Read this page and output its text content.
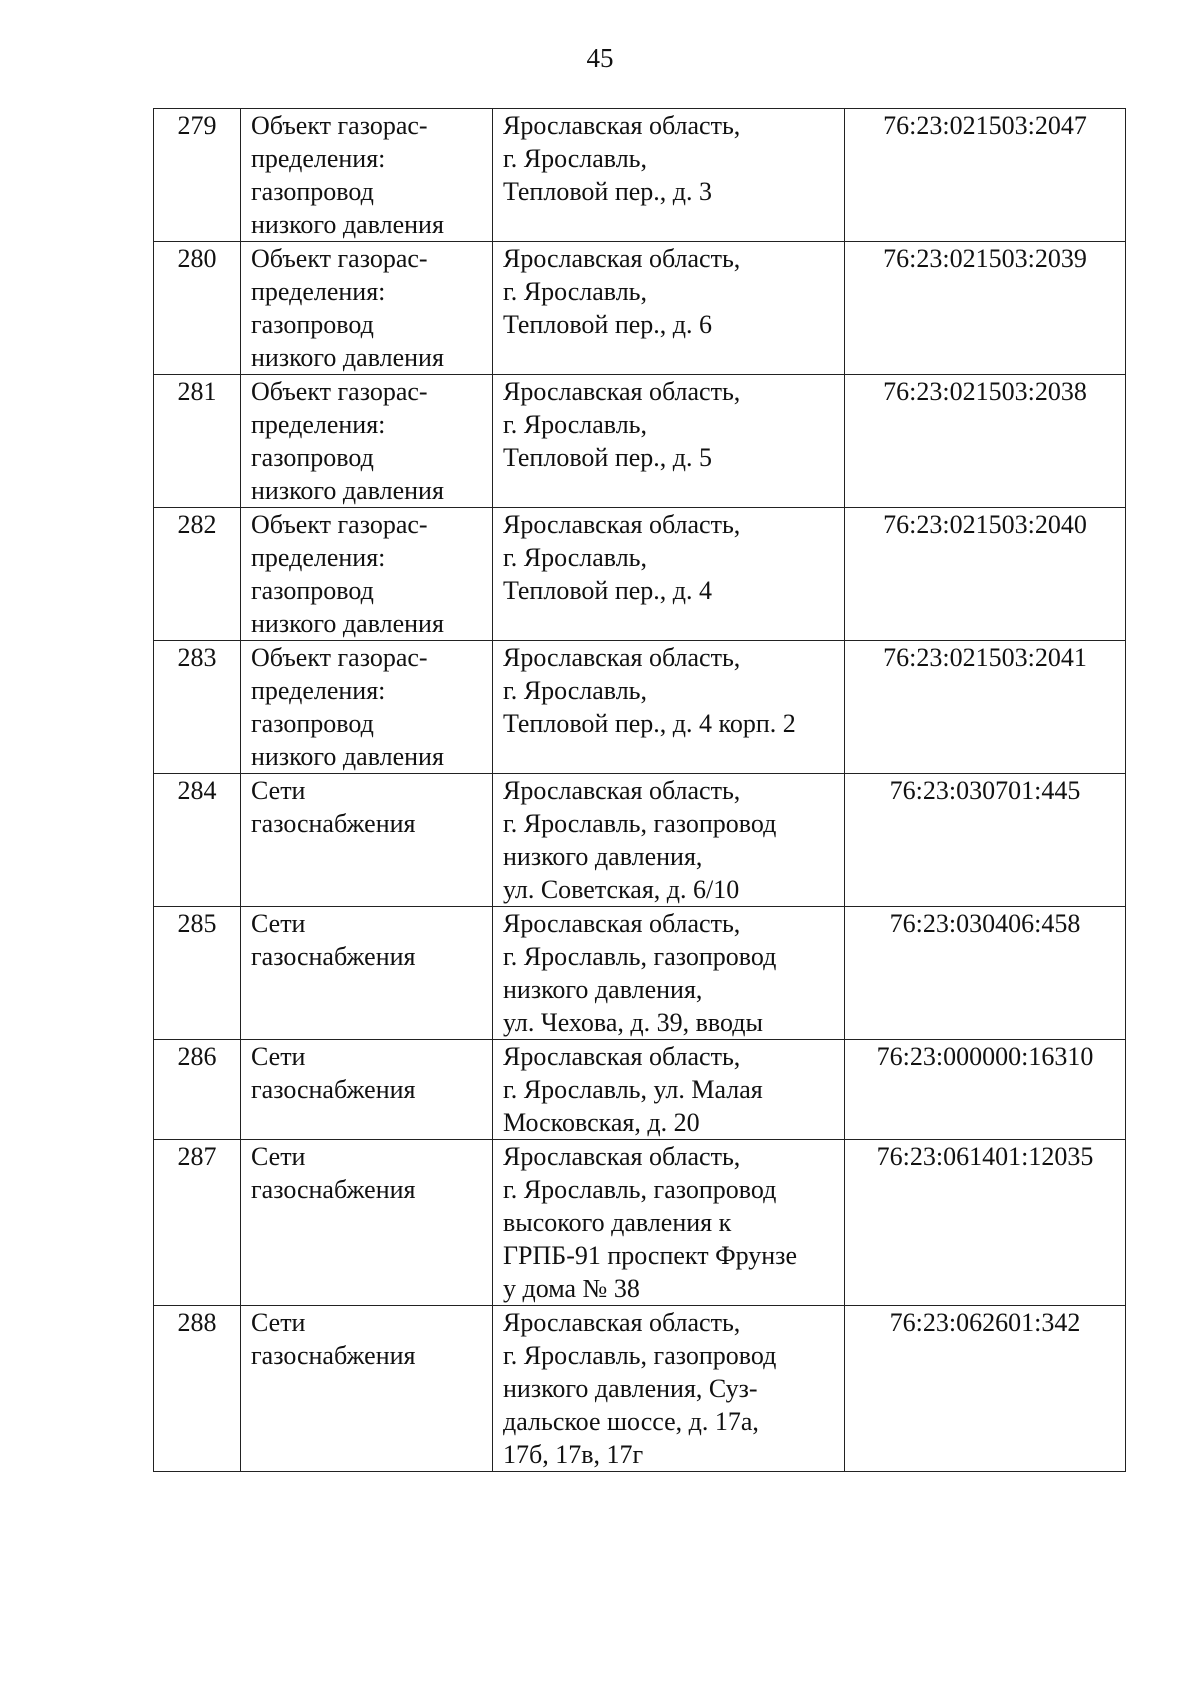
45
279	Объект газорас-
пределения:
газопровод
низкого давления	Ярославская область,
г. Ярославль,
Тепловой пер., д. 3	76:23:021503:2047
280	Объект газорас-
пределения:
газопровод
низкого давления	Ярославская область,
г. Ярославль,
Тепловой пер., д. 6	76:23:021503:2039
281	Объект газорас-
пределения:
газопровод
низкого давления	Ярославская область,
г. Ярославль,
Тепловой пер., д. 5	76:23:021503:2038
282	Объект газорас-
пределения:
газопровод
низкого давления	Ярославская область,
г. Ярославль,
Тепловой пер., д. 4	76:23:021503:2040
283	Объект газорас-
пределения:
газопровод
низкого давления	Ярославская область,
г. Ярославль,
Тепловой пер., д. 4 корп. 2	76:23:021503:2041
284	Сети
газоснабжения	Ярославская область,
г. Ярославль, газопровод
низкого давления,
ул. Советская, д. 6/10	76:23:030701:445
285	Сети
газоснабжения	Ярославская область,
г. Ярославль, газопровод
низкого давления,
ул. Чехова, д. 39, вводы	76:23:030406:458
286	Сети
газоснабжения	Ярославская область,
г. Ярославль, ул. Малая
Московская, д. 20	76:23:000000:16310
287	Сети
газоснабжения	Ярославская область,
г. Ярославль, газопровод
высокого давления к
ГРПБ-91 проспект Фрунзе
у дома № 38	76:23:061401:12035
288	Сети
газоснабжения	Ярославская область,
г. Ярославль, газопровод
низкого давления, Суз-
дальское шоссе, д. 17а,
17б, 17в, 17г	76:23:062601:342
